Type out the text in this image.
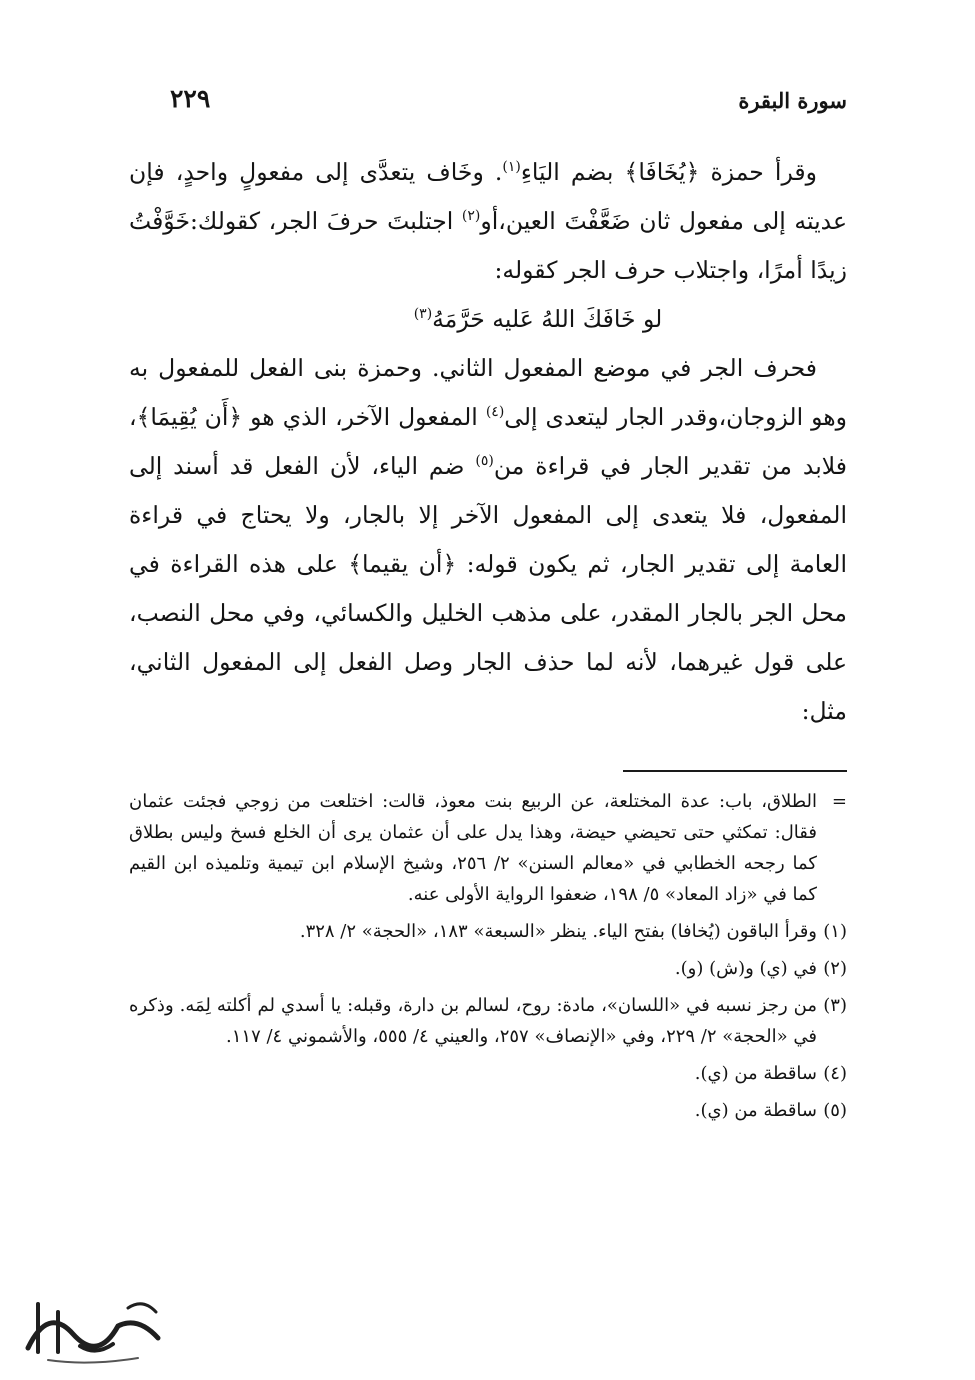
سورة البقرة
٢٢٩

وقرأ حمزة ﴿يُخَافَا﴾ بضم اليَاءِ$^{(١)}$. وخَاف يتعدَّى إلى مفعولٍ واحدٍ، فإن عديته إلى مفعول ثان ضَعَّفْتَ العين،أو$^{(٢)}$ اجتلبتَ حرفَ الجر، كقولك:خَوَّفْتُ زيدًا أمرًا، واجتلاب حرف الجر كقوله:

لو خَافَكَ اللهُ عَليه حَرَّمَهُ$^{(٣)}$

فحرف الجر في موضع المفعول الثاني. وحمزة بنى الفعل للمفعول به وهو الزوجان،وقدر الجار ليتعدى إلى$^{(٤)}$ المفعول الآخر، الذي هو ﴿أَن يُقِيمَا﴾، فلابد من تقدير الجار في قراءة من$^{(٥)}$ ضم الياء، لأن الفعل قد أسند إلى المفعول، فلا يتعدى إلى المفعول الآخر إلا بالجار، ولا يحتاج في قراءة العامة إلى تقدير الجار، ثم يكون قوله: ﴿أن يقيما﴾ على هذه القراءة في محل الجر بالجار المقدر، على مذهب الخليل والكسائي، وفي محل النصب، على قول غيرهما، لأنه لما حذف الجار وصل الفعل إلى المفعول الثاني، مثل:

=
الطلاق، باب: عدة المختلعة، عن الربيع بنت معوذ، قالت: اختلعت من زوجي فجئت عثمان فقال: تمكثي حتى تحيضي حيضة، وهذا يدل على أن عثمان يرى أن الخلع فسخ وليس بطلاق كما رجحه الخطابي في «معالم السنن» ٢/ ٢٥٦، وشيخ الإسلام ابن تيمية وتلميذه ابن القيم كما في «زاد المعاد» ٥/ ١٩٨، ضعفوا الرواية الأولى عنه.
(١)
وقرأ الباقون (يُخافا) بفتح الياء. ينظر «السبعة» ١٨٣، «الحجة» ٢/ ٣٢٨.
(٢)
في (ي) و(ش) (و).
(٣)
من رجز نسبه في «اللسان»، مادة: روح، لسالم بن دارة، وقبله: يا أسدي لم أكلته لِمَه. وذكره في «الحجة» ٢/ ٢٢٩، وفي «الإنصاف» ٢٥٧، والعيني ٤/ ٥٥٥، والأشموني ٤/ ١١٧.
(٤)
ساقطة من (ي).
(٥)
ساقطة من (ي).
